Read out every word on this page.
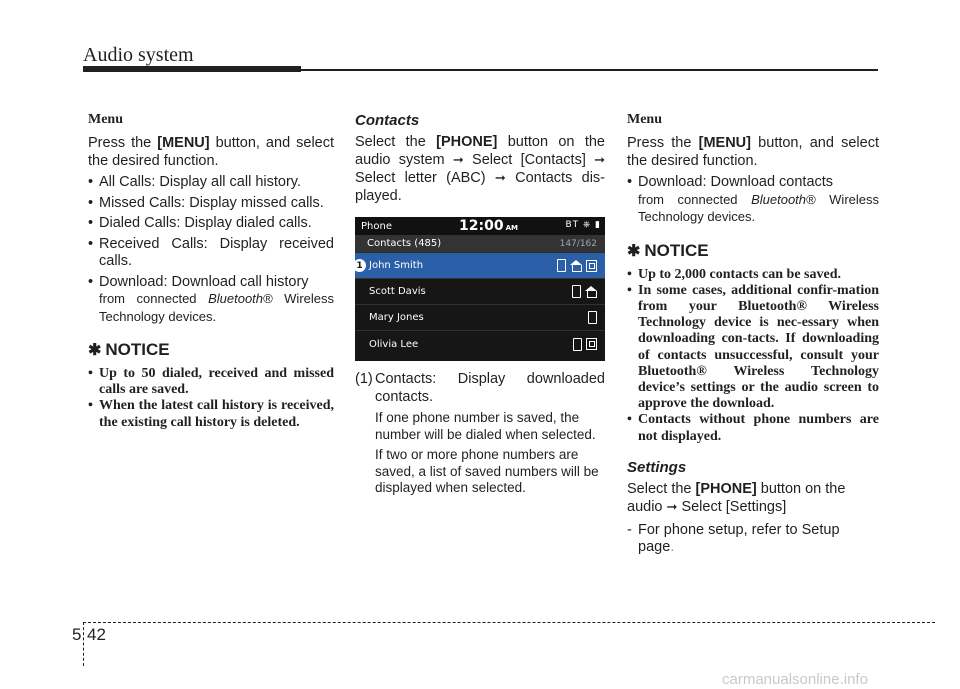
Audio system
Menu

Press the [MENU] button, and select the desired function.

• All Calls: Display all call history.
• Missed Calls: Display missed calls.
• Dialed Calls: Display dialed calls.
• Received Calls: Display received calls.
• Download: Download call history
from connected Bluetooth® Wireless Technology devices.
✱ NOTICE
• Up to 50 dialed, received and missed calls are saved.
• When the latest call history is received, the existing call history is deleted.
Contacts

Select the [PHONE] button on the audio system ➞ Select [Contacts] ➞ Select letter (ABC) ➞ Contacts dis-played.

Phone	12:00 AM	BT ⎈ ▮
Contacts (485)	147/162
1 John Smith
Scott Davis
Mary Jones
Olivia Lee
(1) Contacts: Display downloaded contacts.
If one phone number is saved, the number will be dialed when selected.
If two or more phone numbers are saved, a list of saved numbers will be displayed when selected.
Menu

Press the [MENU] button, and select the desired function.

• Download: Download contacts
from connected Bluetooth® Wireless Technology devices.
✱ NOTICE
• Up to 2,000 contacts can be saved.
• In some cases, additional confir-mation from your Bluetooth® Wireless Technology device is nec-essary when downloading con-tacts. If downloading of contacts unsuccessful, consult your Bluetooth® Wireless Technology device’s settings or the audio screen to approve the download.
• Contacts without phone numbers are not displayed.
Settings

Select the [PHONE] button on the audio ➞ Select [Settings]

- For phone setup, refer to Setup page.
5 42
carmanualsonline.info
